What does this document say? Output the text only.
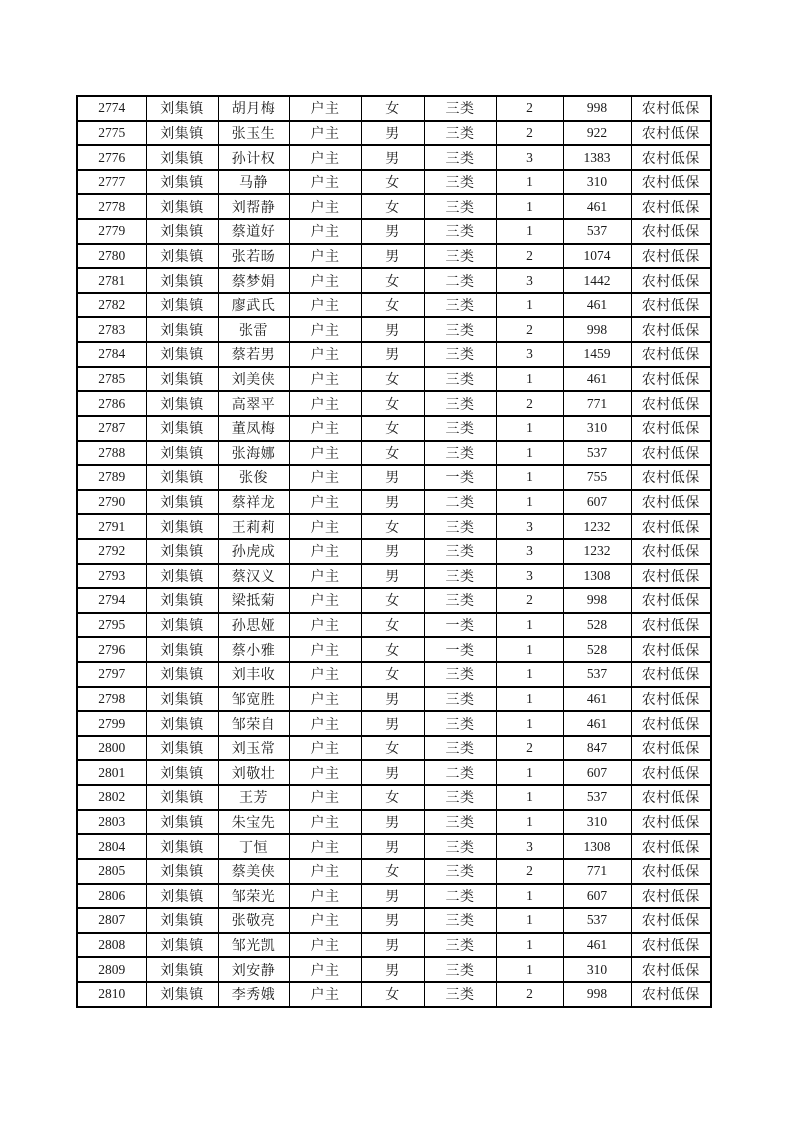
2774	刘集镇	胡月梅	户主	女	三类	2	998	农村低保
2775	刘集镇	张玉生	户主	男	三类	2	922	农村低保
2776	刘集镇	孙计权	户主	男	三类	3	1383	农村低保
2777	刘集镇	马静	户主	女	三类	1	310	农村低保
2778	刘集镇	刘帮静	户主	女	三类	1	461	农村低保
2779	刘集镇	蔡道好	户主	男	三类	1	537	农村低保
2780	刘集镇	张若旸	户主	男	三类	2	1074	农村低保
2781	刘集镇	蔡梦娟	户主	女	二类	3	1442	农村低保
2782	刘集镇	廖武氏	户主	女	三类	1	461	农村低保
2783	刘集镇	张雷	户主	男	三类	2	998	农村低保
2784	刘集镇	蔡若男	户主	男	三类	3	1459	农村低保
2785	刘集镇	刘美侠	户主	女	三类	1	461	农村低保
2786	刘集镇	高翠平	户主	女	三类	2	771	农村低保
2787	刘集镇	董凤梅	户主	女	三类	1	310	农村低保
2788	刘集镇	张海娜	户主	女	三类	1	537	农村低保
2789	刘集镇	张俊	户主	男	一类	1	755	农村低保
2790	刘集镇	蔡祥龙	户主	男	二类	1	607	农村低保
2791	刘集镇	王莉莉	户主	女	三类	3	1232	农村低保
2792	刘集镇	孙虎成	户主	男	三类	3	1232	农村低保
2793	刘集镇	蔡汉义	户主	男	三类	3	1308	农村低保
2794	刘集镇	梁抵菊	户主	女	三类	2	998	农村低保
2795	刘集镇	孙思娅	户主	女	一类	1	528	农村低保
2796	刘集镇	蔡小雅	户主	女	一类	1	528	农村低保
2797	刘集镇	刘丰收	户主	女	三类	1	537	农村低保
2798	刘集镇	邹宽胜	户主	男	三类	1	461	农村低保
2799	刘集镇	邹荣自	户主	男	三类	1	461	农村低保
2800	刘集镇	刘玉常	户主	女	三类	2	847	农村低保
2801	刘集镇	刘敬壮	户主	男	二类	1	607	农村低保
2802	刘集镇	王芳	户主	女	三类	1	537	农村低保
2803	刘集镇	朱宝先	户主	男	三类	1	310	农村低保
2804	刘集镇	丁恒	户主	男	三类	3	1308	农村低保
2805	刘集镇	蔡美侠	户主	女	三类	2	771	农村低保
2806	刘集镇	邹荣光	户主	男	二类	1	607	农村低保
2807	刘集镇	张敬亮	户主	男	三类	1	537	农村低保
2808	刘集镇	邹光凯	户主	男	三类	1	461	农村低保
2809	刘集镇	刘安静	户主	男	三类	1	310	农村低保
2810	刘集镇	李秀娥	户主	女	三类	2	998	农村低保
